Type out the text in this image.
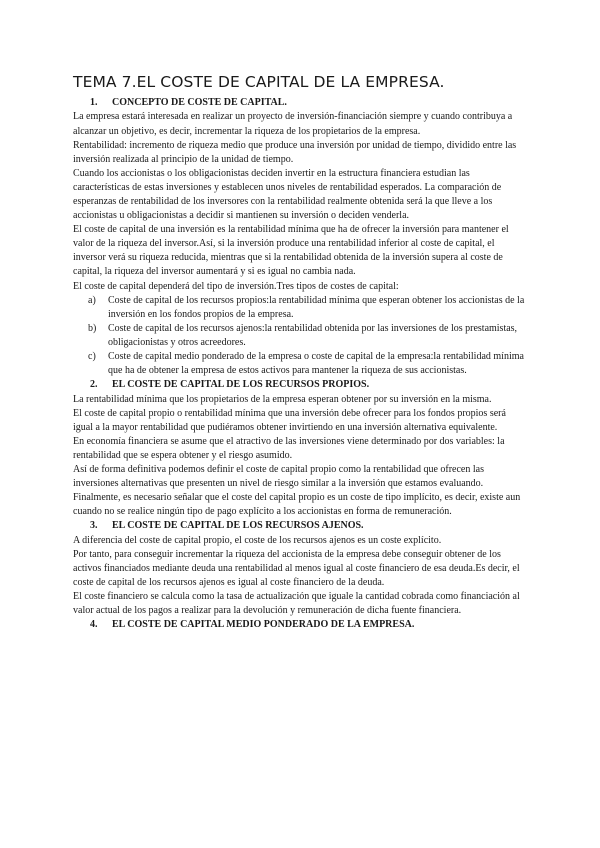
TEMA 7.EL COSTE DE CAPITAL DE LA EMPRESA.
1.	CONCEPTO DE COSTE DE CAPITAL.

La empresa estará interesada en realizar un proyecto de inversión-financiación siempre y cuando contribuya a alcanzar un objetivo, es decir, incrementar la riqueza de los propietarios de la empresa.

Rentabilidad: incremento de riqueza medio que produce una inversión por unidad de tiempo, dividido entre las inversión realizada al principio de la unidad de tiempo.

Cuando los accionistas o los obligacionistas deciden invertir en la estructura financiera estudian las características de estas inversiones y establecen unos niveles de rentabilidad esperados. La comparación de esperanzas de rentabilidad de los inversores con la rentabilidad realmente obtenida será la que lleve a los accionistas u obligacionistas a decidir si mantienen su inversión o deciden venderla.

El coste de capital de una inversión es la rentabilidad mínima que ha de ofrecer la inversión para mantener el valor de la riqueza del inversor.Así, si la inversión produce una rentabilidad inferior al coste de capital, el inversor verá su riqueza reducida, mientras que si la rentabilidad obtenida de la inversión supera al coste de capital, la riqueza del inversor aumentará y si es igual no cambia nada.

El coste de capital dependerá del tipo de inversión.Tres tipos de costes de capital:

a)	Coste de capital de los recursos propios:la rentabilidad mínima que esperan obtener los accionistas de la inversión en los fondos propios de la empresa.
b)	Coste de capital de los recursos ajenos:la rentabilidad obtenida por las inversiones de los prestamistas, obligacionistas y otros acreedores.
c)	Coste de capital medio ponderado de la empresa o coste de capital de la empresa:la rentabilidad mínima que ha de obtener la empresa de estos activos para mantener la riqueza de sus accionistas.
2.	EL COSTE DE CAPITAL DE LOS RECURSOS PROPIOS.

La rentabilidad mínima que los propietarios de la empresa esperan obtener por su inversión en la misma.

El coste de capital propio o rentabilidad mínima que una inversión debe ofrecer para los fondos propios será igual a la mayor rentabilidad que pudiéramos obtener invirtiendo en una inversión alternativa equivalente.

En economía financiera se asume que el atractivo de las inversiones viene determinado por dos variables: la rentabilidad que se espera obtener y el riesgo asumido.

Así de forma definitiva podemos definir el coste de capital propio como la rentabilidad que ofrecen las inversiones alternativas que presenten un nivel de riesgo similar a la inversión que estamos evaluando.

Finalmente, es necesario señalar que el coste del capital propio es un coste de tipo implícito, es decir, existe aun cuando no se realice ningún tipo de pago explícito a los accionistas en forma de remuneración.

3.	EL COSTE DE CAPITAL DE LOS RECURSOS AJENOS.

A diferencia del coste de capital propio, el coste de los recursos ajenos es un coste explícito.

Por tanto, para conseguir incrementar la riqueza del accionista de la empresa debe conseguir obtener de los activos financiados mediante deuda una rentabilidad al menos igual al coste financiero de esa deuda.Es decir, el coste de capital de los recursos ajenos es igual al coste financiero de la deuda.

El coste financiero se calcula como la tasa de actualización que iguale la cantidad cobrada como financiación al valor actual de los pagos a realizar para la devolución y remuneración de dicha fuente financiera.

4.	EL COSTE DE CAPITAL MEDIO PONDERADO DE LA EMPRESA.
